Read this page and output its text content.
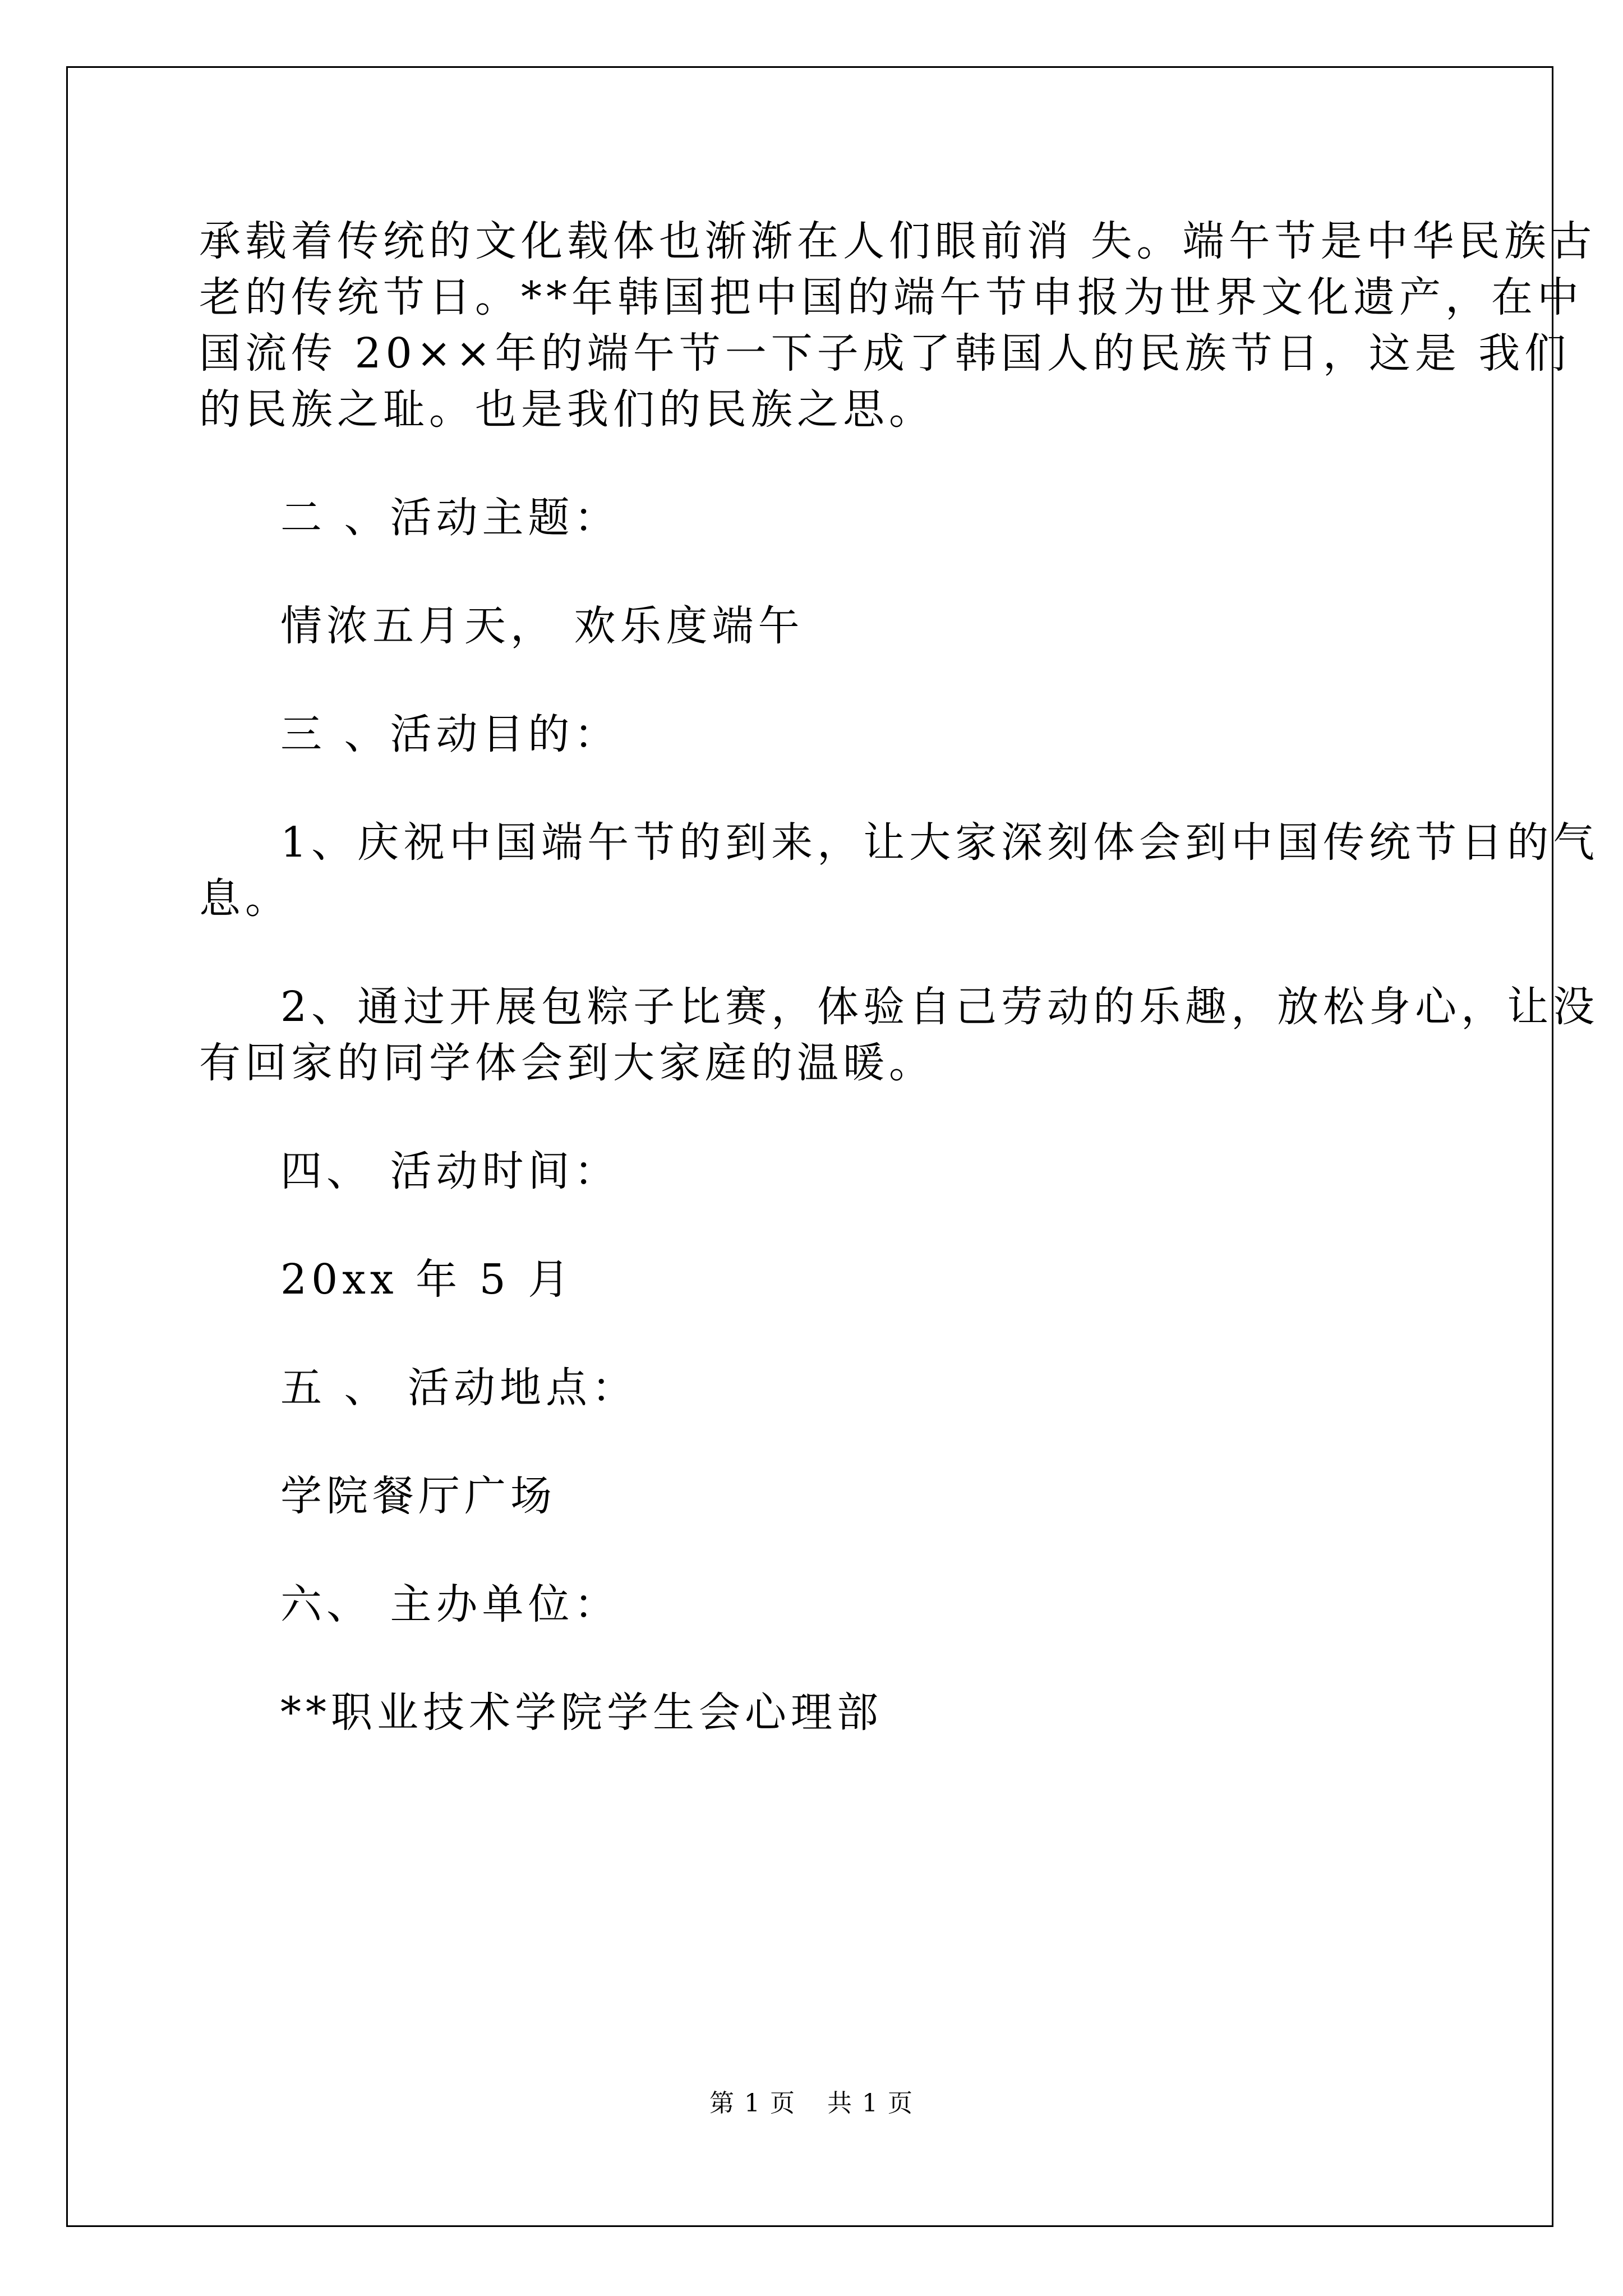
承载着传统的文化载体也渐渐在人们眼前消 失。端午节是中华民族古
老的传统节日。**年韩国把中国的端午节申报为世界文化遗产，在中
国流传 20××年的端午节一下子成了韩国人的民族节日，这是 我们
的民族之耻。也是我们的民族之思。
二 、活动主题：
情浓五月天， 欢乐度端午
三 、活动目的：
1、庆祝中国端午节的到来，让大家深刻体会到中国传统节日的气
息。
2、通过开展包粽子比赛，体验自己劳动的乐趣，放松身心，让没
有回家的同学体会到大家庭的温暖。
四、 活动时间：
20xx 年 5 月
五 、 活动地点：
学院餐厅广场
六、 主办单位：
**职业技术学院学生会心理部
第 1 页 共 1 页
